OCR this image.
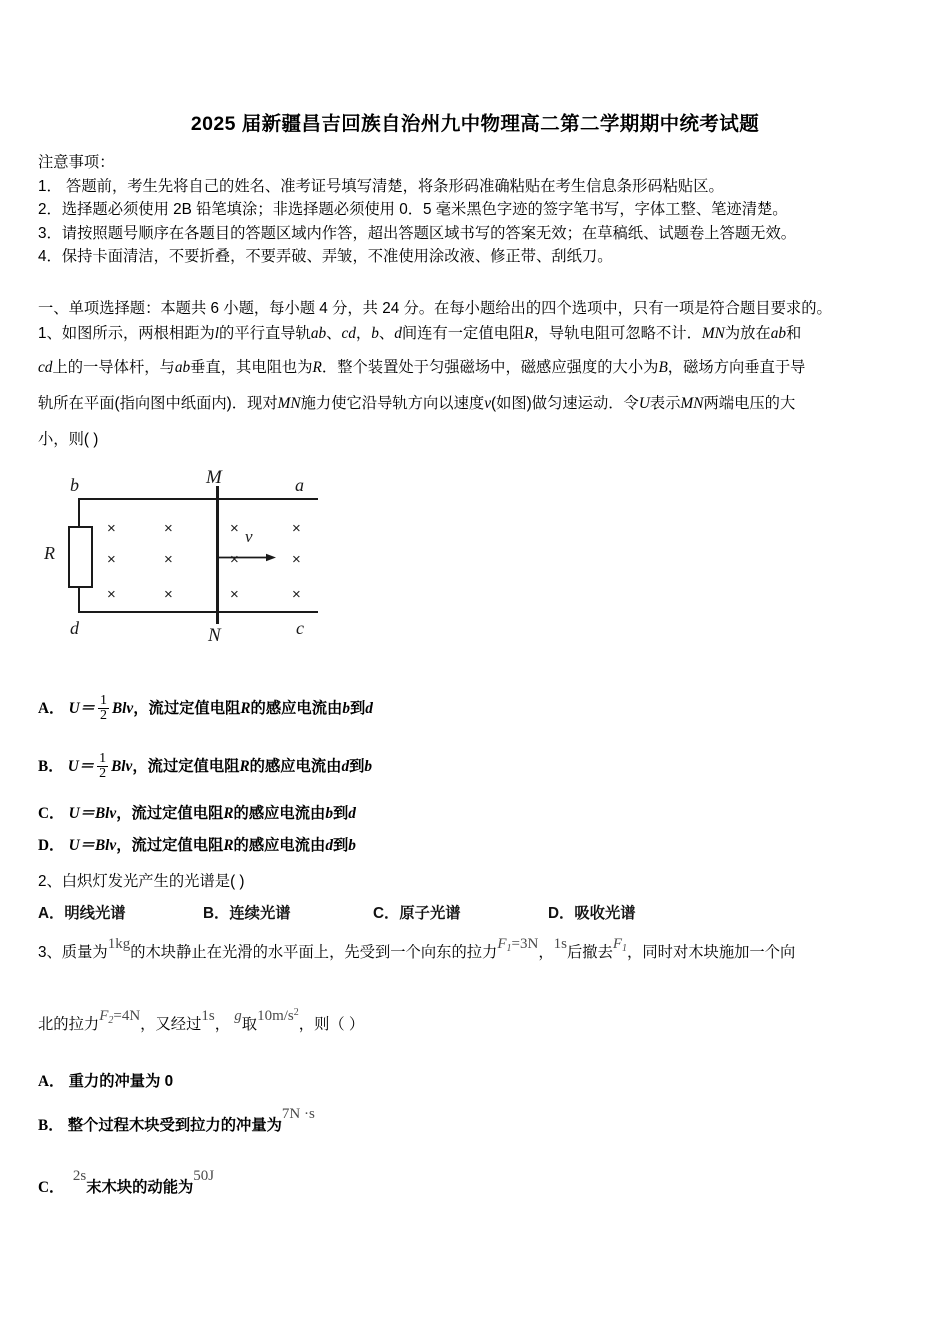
2025 届新疆昌吉回族自治州九中物理高二第二学期期中统考试题
注意事项：
1． 答题前，考生先将自己的姓名、准考证号填写清楚，将条形码准确粘贴在考生信息条形码粘贴区。
2．选择题必须使用 2B 铅笔填涂；非选择题必须使用 0．5 毫米黑色字迹的签字笔书写，字体工整、笔迹清楚。
3．请按照题号顺序在各题目的答题区域内作答，超出答题区域书写的答案无效；在草稿纸、试题卷上答题无效。
4．保持卡面清洁，不要折叠，不要弄破、弄皱，不准使用涂改液、修正带、刮纸刀。
一、单项选择题：本题共 6 小题，每小题 4 分，共 24 分。在每小题给出的四个选项中，只有一项是符合题目要求的。
1、如图所示，两根相距为l的平行直导轨ab、cd，b、d间连有一定值电阻R，导轨电阻可忽略不计．MN为放在ab和
cd上的一导体杆，与ab垂直，其电阻也为R．整个装置处于匀强磁场中，磁感应强度的大小为B，磁场方向垂直于导
轨所在平面(指向图中纸面内)．现对MN施力使它沿导轨方向以速度v(如图)做匀速运动．令U表示MN两端电压的大
小，则( )
b	a
d	c
M
N
v
R
×	×	×	×
×	×	×	×
×	×	×	×
A． $U= \frac{1}{2}$ Blv，流过定值电阻R的感应电流由b到d
B． $U= \frac{1}{2}$ Blv，流过定值电阻R的感应电流由d到b
C． U＝Blv，流过定值电阻R的感应电流由b到d
D． U＝Blv，流过定值电阻R的感应电流由d到b
2、白炽灯发光产生的光谱是( )
A．明线光谱	B．连续光谱	C．原子光谱	D．吸收光谱
3、质量为1kg的木块静止在光滑的水平面上，先受到一个向东的拉力$F_1=3N$，1s后撤去$F_1$，同时对木块施加一个向
北的拉力$F_2=4N$，又经过1s， g取$10m/s^2$，则（ ）
A． 重力的冲量为 0
B． 整个过程木块受到拉力的冲量为7N ·s
C．  2s末木块的动能为50J
